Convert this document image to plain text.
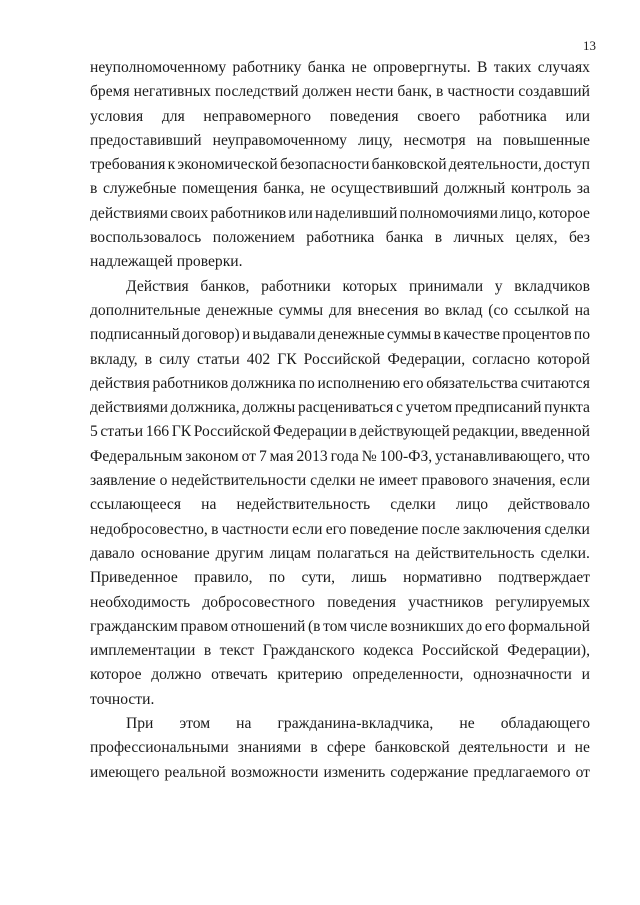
13
неуполномоченному работнику банка не опровергнуты. В таких случаях
бремя негативных последствий должен нести банк, в частности создавший
условия для неправомерного поведения своего работника или
предоставивший неуправомоченному лицу, несмотря на повышенные
требования к экономической безопасности банковской деятельности, доступ
в служебные помещения банка, не осуществивший должный контроль за
действиями своих работников или наделивший полномочиями лицо, которое
воспользовалось положением работника банка в личных целях, без
надлежащей проверки.
Действия банков, работники которых принимали у вкладчиков
дополнительные денежные суммы для внесения во вклад (со ссылкой на
подписанный договор) и выдавали денежные суммы в качестве процентов по
вкладу, в силу статьи 402 ГК Российской Федерации, согласно которой
действия работников должника по исполнению его обязательства считаются
действиями должника, должны расцениваться с учетом предписаний пункта
5 статьи 166 ГК Российской Федерации в действующей редакции, введенной
Федеральным законом от 7 мая 2013 года № 100-ФЗ, устанавливающего, что
заявление о недействительности сделки не имеет правового значения, если
ссылающееся на недействительность сделки лицо действовало
недобросовестно, в частности если его поведение после заключения сделки
давало основание другим лицам полагаться на действительность сделки.
Приведенное правило, по сути, лишь нормативно подтверждает
необходимость добросовестного поведения участников регулируемых
гражданским правом отношений (в том числе возникших до его формальной
имплементации в текст Гражданского кодекса Российской Федерации),
которое должно отвечать критерию определенности, однозначности и
точности.
При этом на гражданина-вкладчика, не обладающего
профессиональными знаниями в сфере банковской деятельности и не
имеющего реальной возможности изменить содержание предлагаемого от
